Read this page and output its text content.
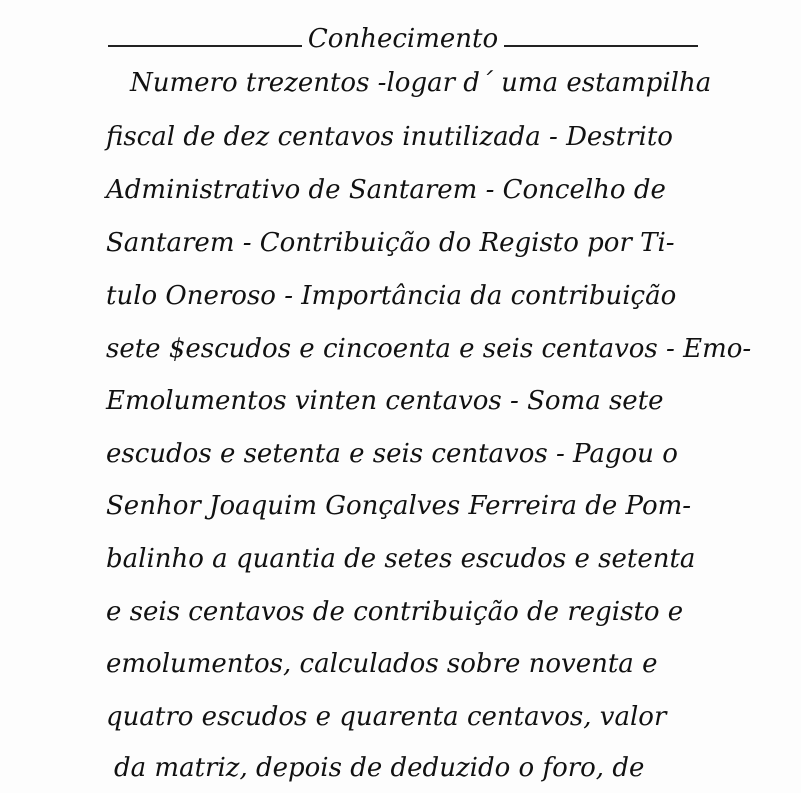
Conhecimento
Numero trezentos -logar d´ uma estampilha
fiscal de dez centavos inutilizada - Destrito
Administrativo de Santarem - Concelho de
Santarem - Contribuição do Registo por Ti-
tulo Oneroso - Importância da contribuição
sete $escudos e cincoenta e seis centavos - Emo-
Emolumentos vinten centavos - Soma sete
escudos e setenta e seis centavos - Pagou o
Senhor Joaquim Gonçalves Ferreira de Pom-
balinho a quantia de setes escudos e setenta
e seis centavos de contribuição de registo e
emolumentos, calculados sobre noventa e
quatro escudos e quarenta centavos, valor
da matriz, depois de deduzido o foro, de
